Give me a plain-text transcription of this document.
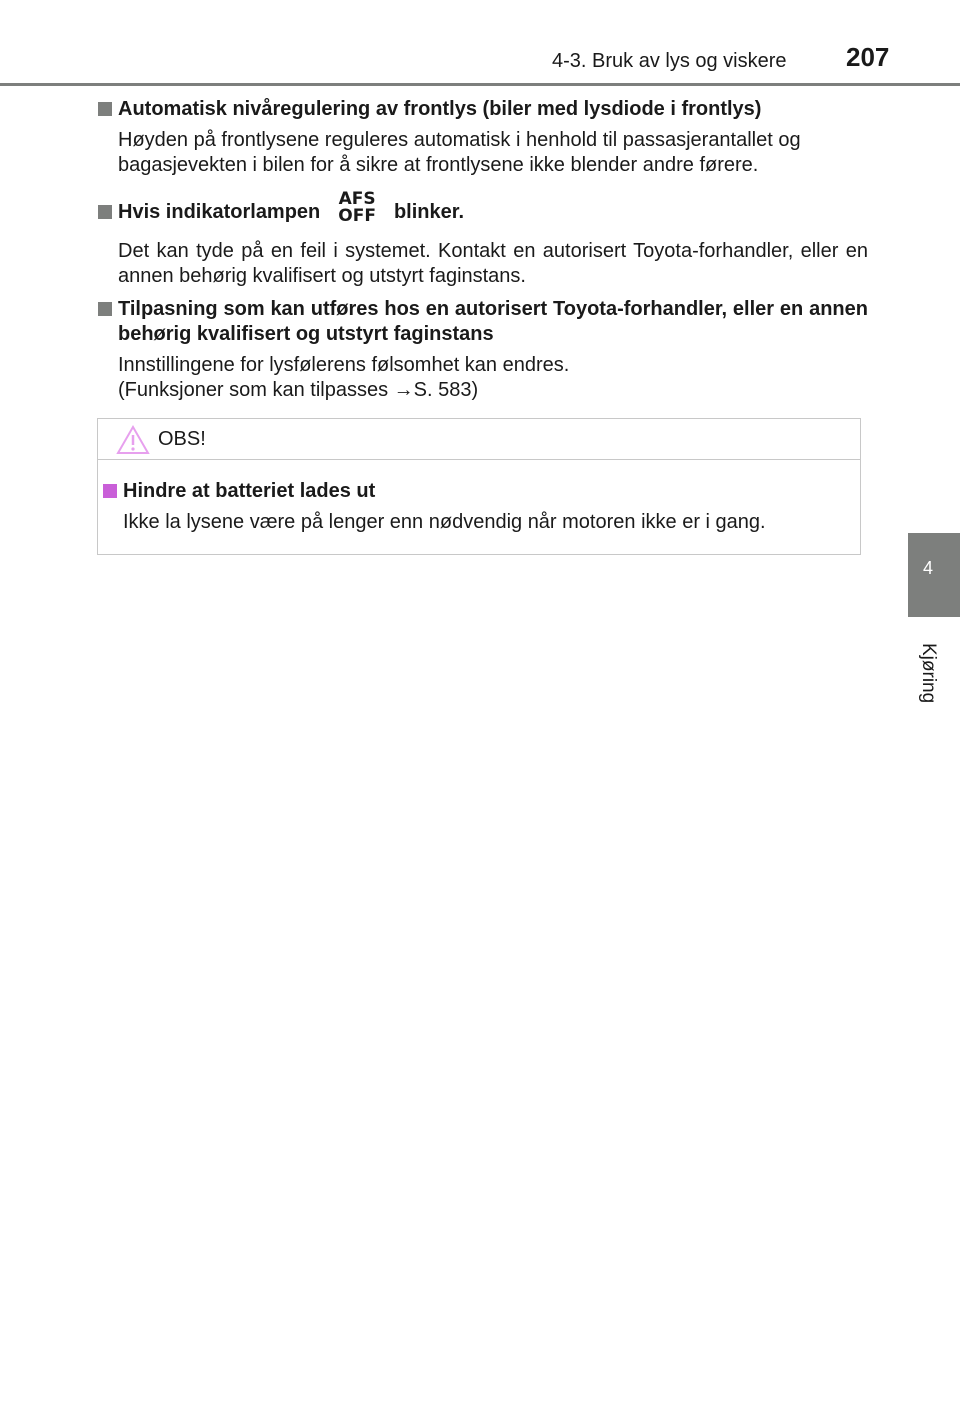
4-3. Bruk av lys og viskere	207
4
Kjøring
Automatisk nivåregulering av frontlys (biler med lysdiode i frontlys)
Høyden på frontlysene reguleres automatisk i henhold til passasjerantallet og bagasjevekten i bilen for å sikre at frontlysene ikke blender andre førere.
Hvis indikatorlampen
AFS
OFF blinker.
Det kan tyde på en feil i systemet. Kontakt en autorisert Toyota-forhandler, eller en annen behørig kvalifisert og utstyrt faginstans.
Tilpasning som kan utføres hos en autorisert Toyota-forhandler, eller en annen behørig kvalifisert og utstyrt faginstans
Innstillingene for lysfølerens følsomhet kan endres.
(Funksjoner som kan tilpasses →S. 583)
OBS!
Hindre at batteriet lades ut
Ikke la lysene være på lenger enn nødvendig når motoren ikke er i gang.
